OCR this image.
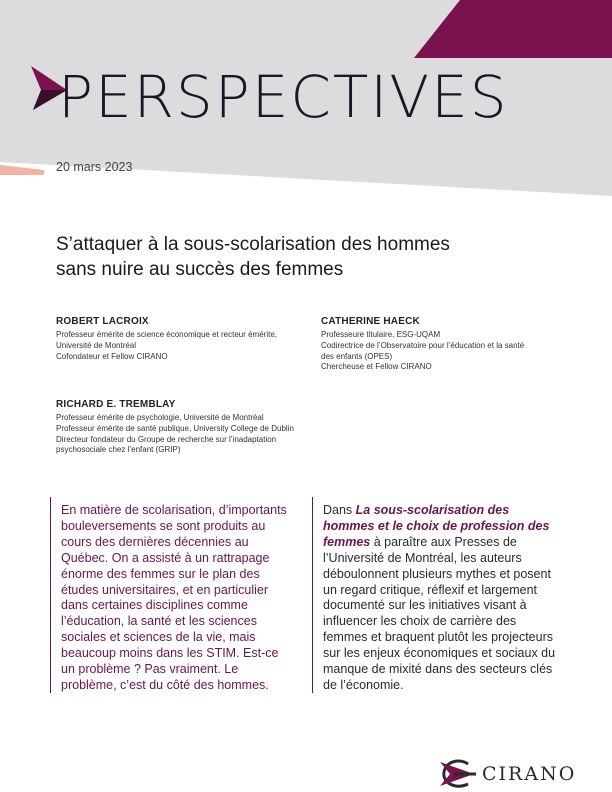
PERSPECTIVES
20 mars 2023
S’attaquer à la sous-scolarisation des hommes
sans nuire au succès des femmes
ROBERT LACROIX
Professeur émérite de science économique et recteur émérite,
Université de Montréal
Cofondateur et Fellow CIRANO
CATHERINE HAECK
Professeure titulaire, ESG-UQAM
Codirectrice de l’Observatoire pour l’éducation et la santé
des enfants (OPES)
Chercheuse et Fellow CIRANO
RICHARD E. TREMBLAY
Professeur émérite de psychologie, Université de Montréal
Professeur émérite de santé publique, University College de Dublin
Directeur fondateur du Groupe de recherche sur l’inadaptation
psychosociale chez l’enfant (GRIP)

En matière de scolarisation, d’importants bouleversements se sont produits au cours des dernières décennies au Québec. On a assisté à un rattrapage énorme des femmes sur le plan des études universitaires, et en particulier dans certaines disciplines comme l’éducation, la santé et les sciences sociales et sciences de la vie, mais beaucoup moins dans les STIM. Est-ce un problème ? Pas vraiment. Le problème, c’est du côté des hommes.

Dans La sous-scolarisation des hommes et le choix de profession des femmes à paraître aux Presses de l’Université de Montréal, les auteurs déboulonnent plusieurs mythes et posent un regard critique, réflexif et largement documenté sur les initiatives visant à influencer les choix de carrière des femmes et braquent plutôt les projecteurs sur les enjeux économiques et sociaux du manque de mixité dans des secteurs clés de l’économie.

CIRANO
